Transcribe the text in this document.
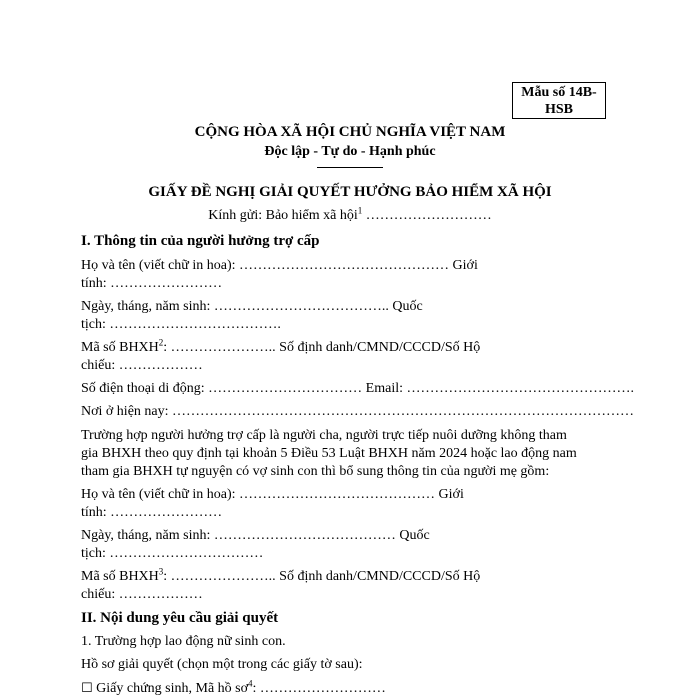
Mẫu số 14B-
HSB
CỘNG HÒA XÃ HỘI CHỦ NGHĨA VIỆT NAM
Độc lập - Tự do - Hạnh phúc
GIẤY ĐỀ NGHỊ GIẢI QUYẾT HƯỞNG BẢO HIỂM XÃ HỘI
Kính gửi: Bảo hiểm xã hội$^1$ ………………………
I. Thông tin của người hưởng trợ cấp
Họ và tên (viết chữ in hoa): ……………………………………… Giới
tính: ……………………
Ngày, tháng, năm sinh: ……………………………….. Quốc
tịch: ……………………………….
Mã số BHXH$^2$: ………………….. Số định danh/CMND/CCCD/Số Hộ
chiếu: ………………
Số điện thoại di động: …………………………… Email: ………………………………………….
Nơi ở hiện nay: ………………………………………………………………………………………
Trường hợp người hưởng trợ cấp là người cha, người trực tiếp nuôi dưỡng không tham
gia BHXH theo quy định tại khoản 5 Điều 53 Luật BHXH năm 2024 hoặc lao động nam
tham gia BHXH tự nguyện có vợ sinh con thì bổ sung thông tin của người mẹ gồm:
Họ và tên (viết chữ in hoa): …………………………………… Giới
tính: ……………………
Ngày, tháng, năm sinh: ………………………………… Quốc
tịch: ……………………………
Mã số BHXH$^3$: ………………….. Số định danh/CMND/CCCD/Số Hộ
chiếu: ………………
II. Nội dung yêu cầu giải quyết
1. Trường hợp lao động nữ sinh con.
Hồ sơ giải quyết (chọn một trong các giấy tờ sau):
☐ Giấy chứng sinh, Mã hồ $sơ^4$: ………………………
